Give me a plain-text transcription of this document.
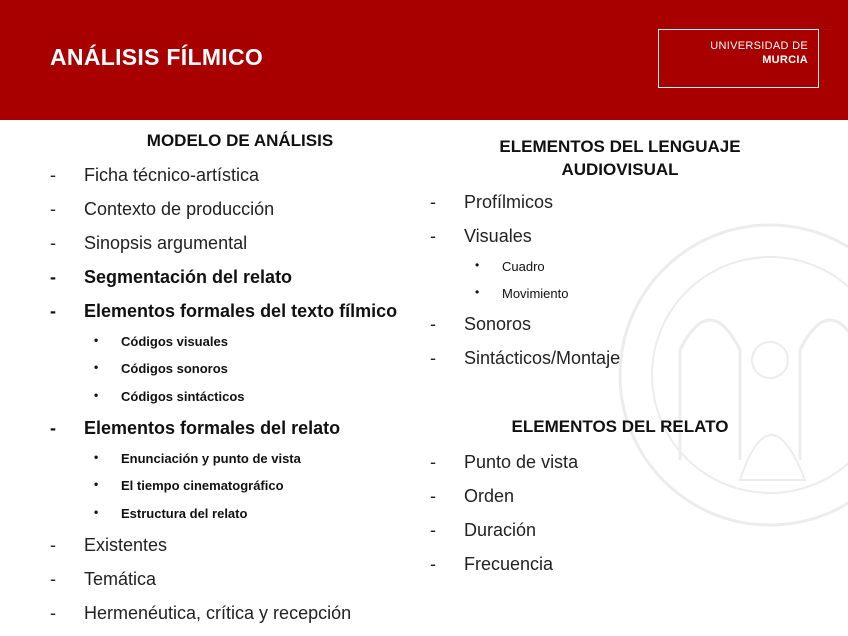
ANÁLISIS FÍLMICO	UNIVERSIDAD DE
MURCIA
MODELO DE ANÁLISIS
- Ficha técnico-artística
- Contexto de producción
- Sinopsis argumental
- Segmentación del relato
- Elementos formales del texto fílmico
• Códigos visuales
• Códigos sonoros
• Códigos sintácticos
- Elementos formales del relato
• Enunciación y punto de vista
• El tiempo cinematográfico
• Estructura del relato
- Existentes
- Temática
- Hermenéutica, crítica y recepción
ELEMENTOS DEL LENGUAJE
AUDIOVISUAL
- Profílmicos
- Visuales
• Cuadro
• Movimiento
- Sonoros
- Sintácticos/Montaje
ELEMENTOS DEL RELATO
- Punto de vista
- Orden
- Duración
- Frecuencia
